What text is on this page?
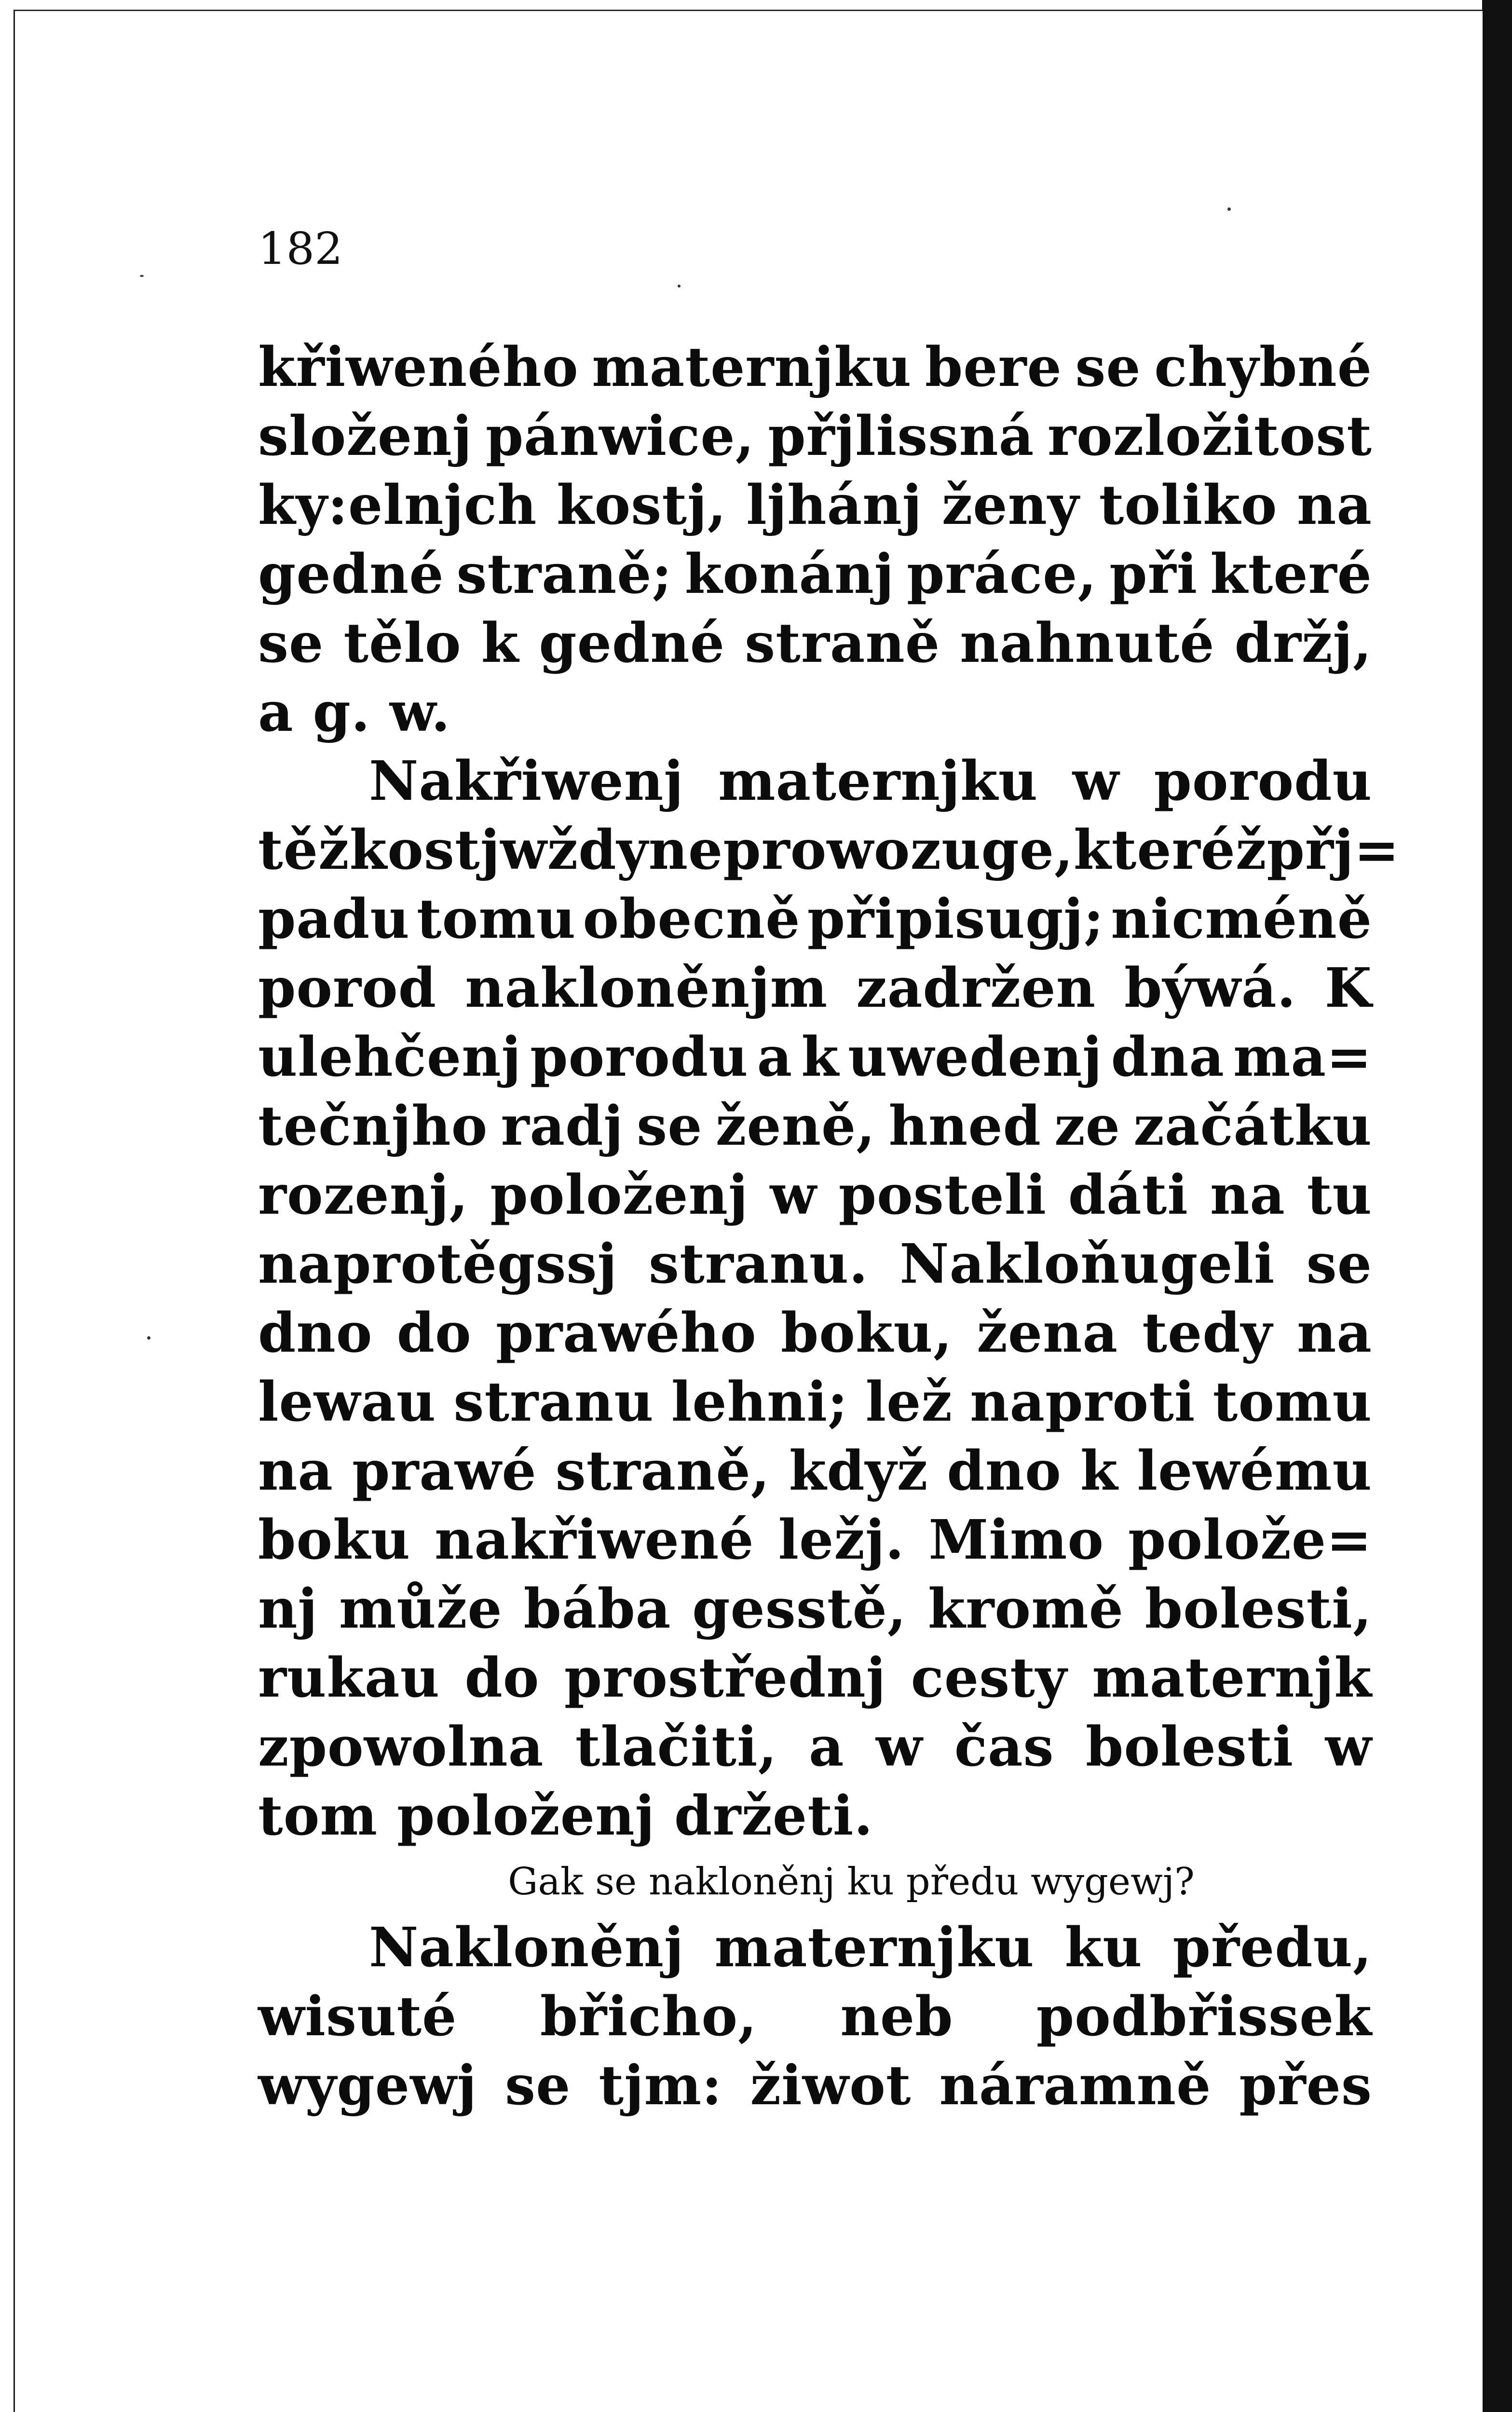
182
křiweného maternjku bere se chybné
složenj pánwice, přjlissná rozložitost
ky:elnjch kostj, ljhánj ženy toliko na
gedné straně; konánj práce, při které
se tělo k gedné straně nahnuté držj,
a g. w.
Nakřiwenj maternjku w porodu
těžkostj wždy neprowozuge, kteréž přj=
padu tomu obecně připisugj; nicméně
porod nakloněnjm zadržen býwá. K
ulehčenj porodu a k uwedenj dna ma=
tečnjho radj se ženě, hned ze začátku
rozenj, položenj w posteli dáti na tu
naprotěgssj stranu. Nakloňugeli se
dno do prawého boku, žena tedy na
lewau stranu lehni; lež naproti tomu
na prawé straně, když dno k lewému
boku nakřiwené ležj. Mimo polože=
nj může bába gesstě, kromě bolesti,
rukau do prostřednj cesty maternjk
zpowolna tlačiti, a w čas bolesti w
tom položenj držeti.
Gak se nakloněnj ku předu wygewj?
Nakloněnj maternjku ku předu,
wisuté břicho, neb podbřissek
wygewj se tjm: žiwot náramně přes
